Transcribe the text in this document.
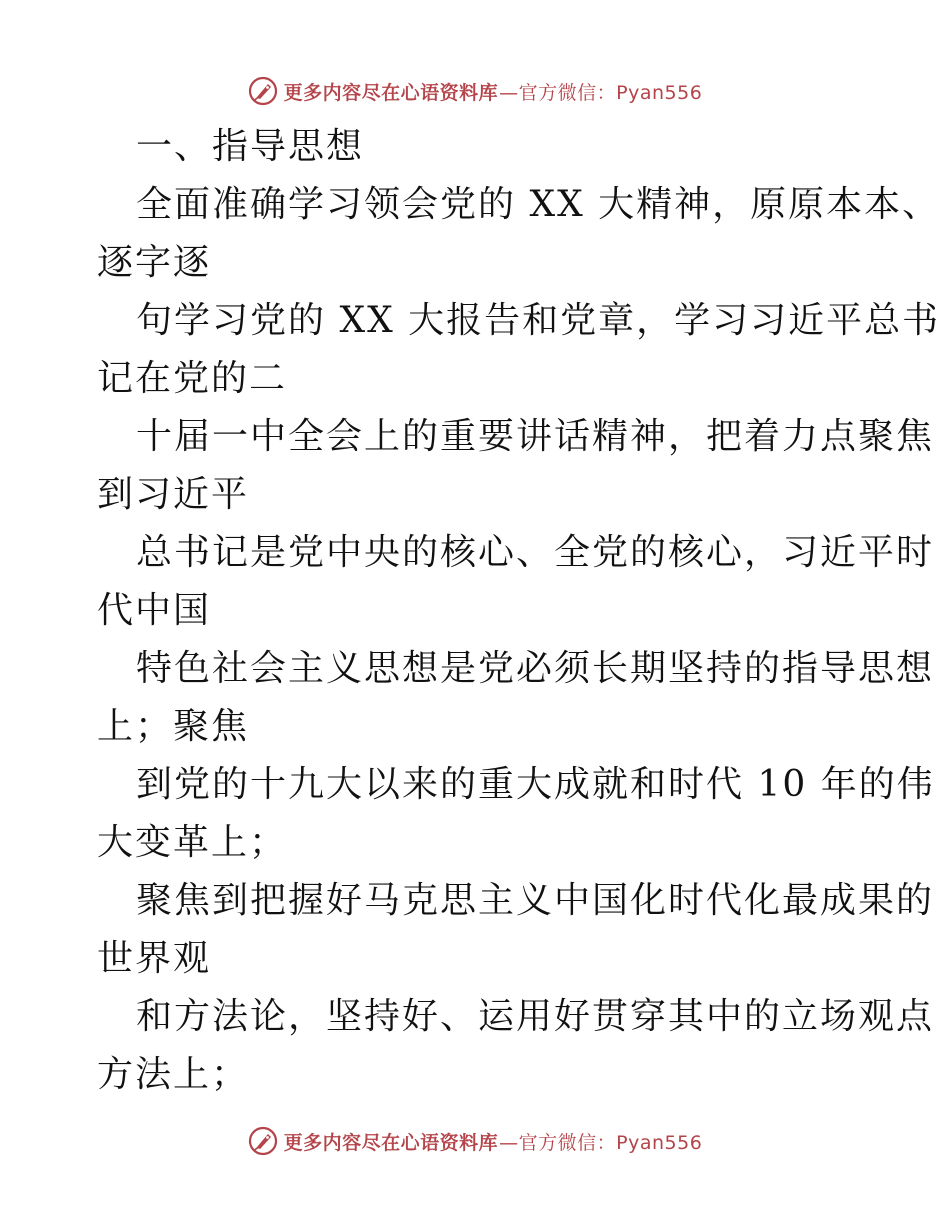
更多内容尽在心语资料库 —官方微信：Pyan556
一、指导思想
全面准确学习领会党的 XX 大精神，原原本本、
逐字逐
句学习党的 XX 大报告和党章，学习习近平总书
记在党的二
十届一中全会上的重要讲话精神，把着力点聚焦
到习近平
总书记是党中央的核心、全党的核心，习近平时
代中国
特色社会主义思想是党必须长期坚持的指导思想
上；聚焦
到党的十九大以来的重大成就和时代 10 年的伟
大变革上；
聚焦到把握好马克思主义中国化时代化最成果的
世界观
和方法论，坚持好、运用好贯穿其中的立场观点
方法上；
更多内容尽在心语资料库 —官方微信：Pyan556
